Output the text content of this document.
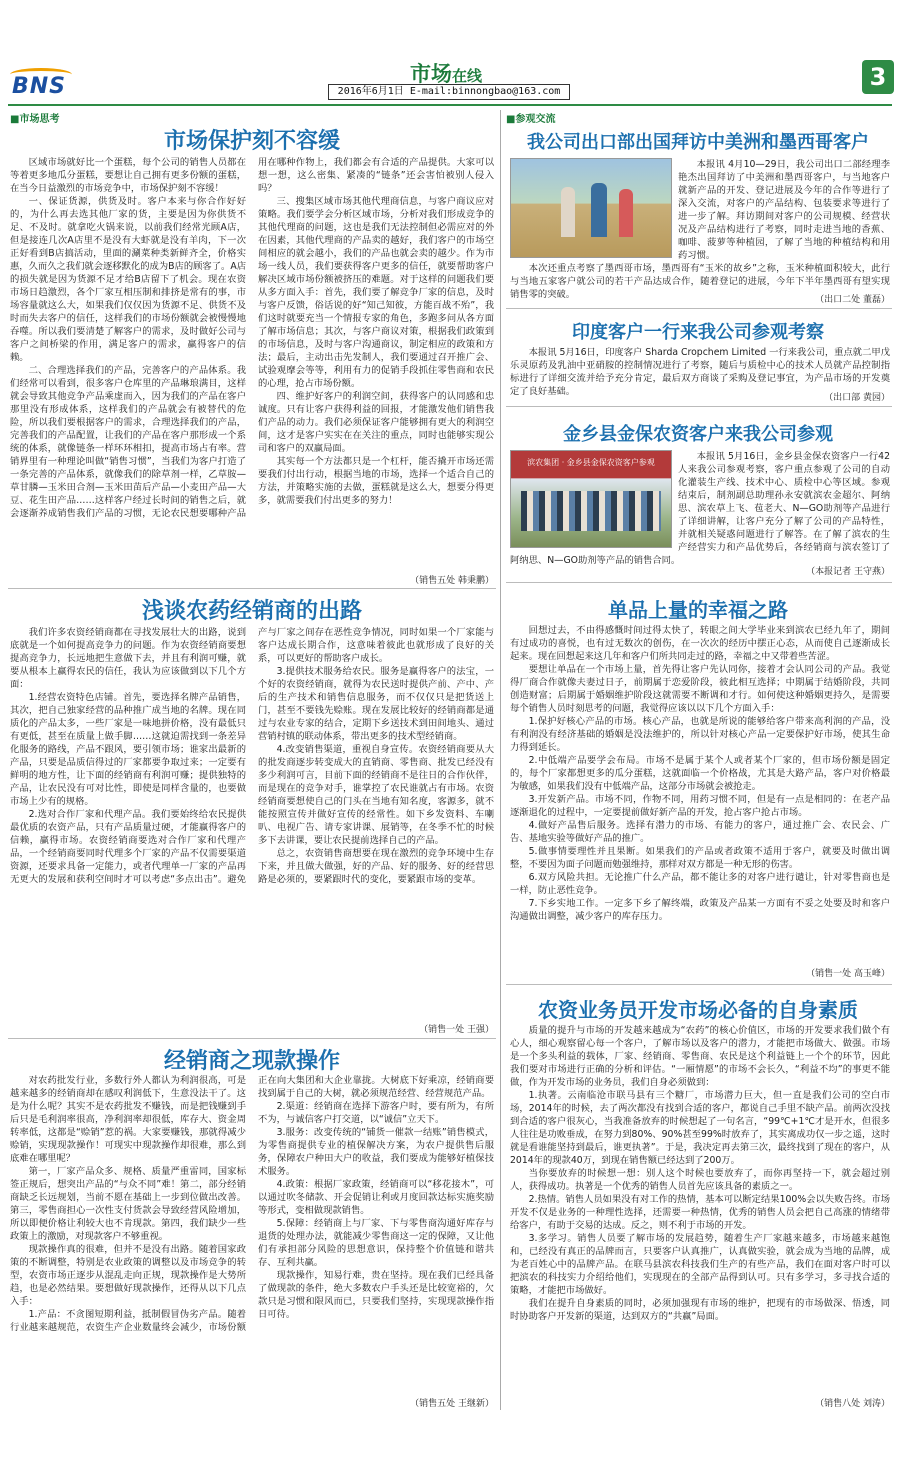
BNS
市场在线
2016年6月1日 E-mail:binnongbao@163.com
3
■市场思考	■参观交流
市场保护刻不容缓

区域市场就好比一个蛋糕，每个公司的销售人员都在等着更多地瓜分蛋糕，要想让自己拥有更多份额的蛋糕，在当今日益激烈的市场竞争中，市场保护刻不容缓！

一、保证货源，供货及时。客户本来与你合作好好的，为什么再去选其他厂家的货，主要是因为你供货不足、不及时。就拿吃火锅来说，以前我们经常光顾A店，但是接连几次A店里不是没有大虾就是没有羊肉，下一次正好看到B店搞活动，里面的涮菜种类新鲜齐全，价格实惠，久而久之我们就会逐移默化的成为B店的顾客了。A店的损失就是因为货源不足才给B店留下了机会。现在农资市场日趋激烈，各个厂家互相压制和排挤是常有的事，市场容量就这么大，如果我们仅仅因为货源不足、供货不及时而失去客户的信任，这样我们的市场份额就会被慢慢地吞噬。所以我们要清楚了解客户的需求，及时做好公司与客户之间桥梁的作用，满足客户的需求，赢得客户的信赖。

二、合理选择我们的产品，完善客户的产品体系。我们经常可以看到，很多客户仓库里的产品琳琅满目，这样就会导致其他竞争产品乘虚而入，因为我们的产品在客户那里没有形成体系，这样我们的产品就会有被替代的危险，所以我们要根据客户的需求，合理选择我们的产品，完善我们的产品配置，让我们的产品在客户那形成一个系统的体系，就像链条一样环环相扣，提高市场占有率。营销界里有一种理论叫做“销售习惯”，当我们为客户打造了一条完善的产品体系，就像我们的除草剂一样，乙草胺—草甘膦—玉米田合剂—玉米田苗后产品—小麦田产品—大豆、花生田产品……这样客户经过长时间的销售之后，就会逐渐养成销售我们产品的习惯，无论农民想要哪种产品用在哪种作物上，我们都会有合适的产品提供。大家可以想一想，这么密集、紧凑的“链条”还会害怕被别人侵入吗？

三、搜集区域市场其他代理商信息，与客户商议应对策略。我们要学会分析区域市场，分析对我们形成竞争的其他代理商的问题，这也是我们无法控制但必需应对的外在因素，其他代理商的产品卖的越好，我们客户的市场空间相应的就会越小，我们的产品也就会卖的越少。作为市场一线人员，我们要获得客户更多的信任，就要帮助客户解决区域市场份额被挤压的难题。对于这样的问题我们要从多方面入手：首先，我们要了解竞争厂家的信息，及时与客户反馈，俗话说的好“知己知彼，方能百战不殆”，我们这时就要充当一个情报专家的角色，多跑多问从各方面了解市场信息；其次，与客户商议对策，根据我们政策到的市场信息，及时与客户沟通商议，制定相应的政策和方法；最后，主动出击先发制人，我们要通过召开推广会、试验观摩会等等，利用有力的促销手段抓住零售商和农民的心理，抢占市场份额。

四、维护好客户的利润空间，获得客户的认同感和忠诚度。只有让客户获得利益的回报，才能激发他们销售我们产品的动力。我们必须保证客户能够拥有更大的利润空间，这才是客户实实在在关注的重点，同时也能够实现公司和客户的双赢局面。

其实每一个方法都只是一个杠杆，能否撬开市场还需要我们付出行动，根据当地的市场，选择一个适合自己的方法，并策略实施的去做，蛋糕就是这么大，想要分得更多，就需要我们付出更多的努力！

（销售五处 韩秉鹏）
浅谈农药经销商的出路

我们许多农资经销商都在寻找发展壮大的出路，说到底就是一个如何提高竞争力的问题。作为农资经销商要想提高竞争力，长远地把生意做下去，并且有利润可赚，就要从根本上赢得农民的信任，我认为应该做到以下几个方面：

1.经营农资特色店铺。首先，要选择名牌产品销售，其次，把自己独家经营的品种推广成当地的名牌。现在同质化的产品太多，一些厂家是一味地拼价格，没有最低只有更低，甚至在质量上做手脚……这就迫需找到一条差异化服务的路线，产品不跟风，要引领市场；谁家出最新的产品，只要是品质信得过的厂家都要争取过来；一定要有鲜明的地方性，让下面的经销商有利润可赚；提供独特的产品，让农民没有可对比性，即使是同样含量的，也要做市场上少有的规格。

2.选对合作厂家和代理产品。我们要始终给农民提供最优质的农资产品，只有产品质量过硬，才能赢得客户的信赖，赢得市场。农资经销商要选对合作厂家和代理产品，一个经销商要同时代理多个厂家的产品不仅需要渠道资源，还要求具备一定能力，或者代理单一厂家的产品再无更大的发展和获利空间时才可以考虑“多点出击”。避免产与厂家之间存在恶性竞争情况，同时如果一个厂家能与客户达成长期合作，这意味着彼此也就形成了良好的关系，可以更好的帮助客户成长。

3.提供技术服务给农民。服务是赢得客户的法宝，一个好的农资经销商，就得为农民送时提供产前、产中、产后的生产技术和销售信息服务，而不仅仅只是把货送上门，甚至不要钱先赊账。现在发展比较好的经销商都是通过与农业专家的结合，定期下乡送技术到田间地头、通过营销村镇的联动体系，带出更多的技术型经销商。

4.改变销售渠道，重视自身宣传。农资经销商要从大的批发商逐步转变成大的直销商、零售商、批发已经没有多少利润可言，目前下面的经销商不是往日的合作伙伴，而是现在的竞争对手，谁掌控了农民谁就占有市场。农资经销商要想使自己的门头在当地有知名度，客源多，就不能按照宣传并做好宣传的经常性。如下乡发资料、车喇叭、电视广告、请专家讲课、展销等，在冬季不忙的时候多下去讲课，要让农民提前选择自己的产品。

总之，农资销售商想要在现在激烈的竞争环境中生存下来，并且做大做强，好的产品、好的服务、好的经营思路是必须的，要紧跟时代的变化，要紧跟市场的变革。

（销售一处 王强）
经销商之现款操作

对农药批发行业，多数行外人都认为利润很高，可是越来越多的经销商却在感叹利润低下，生意没法干了。这是为什么呢？其实不是农药批发不赚钱，而是把钱赚到手后只是毛利润率很高，净利润率却很低，库存大、资金周转率低，这都是“赊销”惹的祸。大家要赚钱，那就得减少赊销，实现现款操作！可现实中现款操作却很难，那么到底难在哪里呢？

第一，厂家产品众多、规格、质量严重雷同，国家标签正规后，想突出产品的“与众不同”难！第二，部分经销商缺乏长远规划，当前不愿在基础上一步到位做出改善。第三，零售商担心一次性支付货款会导致经营风险增加，所以即便价格让利较大也不肯现款。第四，我们缺少一些政策上的激励，对现款客户不够重视。

现款操作真的很难，但并不是没有出路。随着国家政策的不断调整，特别是农业政策的调整以及市场竞争的转型，农资市场正逐步从混乱走向正规，现款操作是大势所趋，也是必然结果。要想做好现款操作，还得从以下几点入手：

1.产品：不贪图短期利益，抵制假冒伪劣产品。随着行业越来越规范，农资生产企业数量终会减少，市场份额正在向大集团和大企业靠拢。大树底下好乘凉，经销商要找到属于自己的大树，就必须规范经营、经营规范产品。

2.渠道：经销商在选择下游客户时，要有所为，有所不为，与诚信客户打交道，以“诚信”立天下。

3.服务：改变传统的“铺货一催款一结账”销售模式，为零售商提供专业的植保解决方案，为农户提供售后服务，保障农户种田大户的收益，我们要成为能够好植保技术服务。

4.政策：根据厂家政策，经销商可以“移花接木”，可以通过吹冬储款、开会促销让利或月度回款达标实施奖励等形式，变相做现款销售。

5.保障：经销商上与厂家、下与零售商沟通好库存与退货的处理办法，就能减少零售商这一定的保障，又让他们有承担部分风险的思想意识，保持整个价值链和谐共存、互利共赢。

现款操作，知易行难，贵在坚持。现在我们已经具备了做现款的条件，绝大多数农户手头还是比较宽裕的，欠款只是习惯和限风而已，只要我们坚持，实现现款操作指日可待。

（销售五处 王继新）
我公司出口部出国拜访中美洲和墨西哥客户

本报讯 4月10—29日，我公司出口二部经理李艳杰出国拜访了中美洲和墨西哥客户，与当地客户就新产品的开发、登记进展及今年的合作等进行了深入交流，对客户的产品结构、包装要求等进行了进一步了解。拜访期间对客户的公司规模、经营状况及产品结构进行了考察，同时走进当地的香蕉、咖啡、菠萝等种植园，了解了当地的种植结构和用药习惯。

本次还重点考察了墨西哥市场，墨西哥有“玉米的故乡”之称，玉米种植面积较大，此行与当地五家客户就公司的若干产品达成合作，随着登记的进展，今年下半年墨西哥有望实现销售零的突破。	（出口二处 董磊）
印度客户一行来我公司参观考察

本报讯 5月16日，印度客户 Sharda Cropchem Limited 一行来我公司，重点就二甲戊乐灵原药及乳油中亚硝胺的控制情况进行了考察，随后与质检中心的技术人员就产品控制指标进行了详细交流并给予充分肯定，最后双方商谈了采购及登记事宜，为产品市场的开发奠定了良好基础。

（出口部 黄园）
金乡县金保农资客户来我公司参观
滨农集团 · 金乡县金保农资客户参观

本报讯 5月16日，金乡县金保农资客户一行42人来我公司参观考察，客户重点参观了公司的自动化灌装生产线、技术中心、质检中心等区域。参观结束后，制剂副总助理孙永安就滨农金超尔、阿纳思、滨农草上飞、苞老大、N—GO助剂等产品进行了详细讲解，让客户充分了解了公司的产品特性，并就相关疑惑问题进行了解答。在了解了滨农的生产经营实力和产品优势后，各经销商与滨农签订了阿纳思、N—GO助剂等产品的销售合同。

（本报记者 王守燕）
单品上量的幸福之路

回想过去，不由得感慨时间过得太快了，转眼之间大学毕业来到滨农已经九年了，期间有过成功的喜悦，也有过无数次的创伤，在一次次的经历中摆正心态，从而使自己逐渐成长起来。现在回想起来这几年和客户们所共同走过的路，幸福之中又带着些苦涩。

要想让单品在一个市场上量，首先得让客户先认同你，接着才会认同公司的产品。我觉得厂商合作就像夫妻过日子，前期属于恋爱阶段，彼此相互选择；中期属于结婚阶段，共同创造财富；后期属于婚姻维护阶段这就需要不断调和才行。如何使这种婚姻更持久，是需要每个销售人员时刻思考的问题，我觉得应该以以下几个方面入手：

1.保护好核心产品的市场。核心产品，也就是所说的能够给客户带来高利润的产品，没有利润没有经济基础的婚姻是没法维护的，所以针对核心产品一定要保护好市场，使其生命力得到延长。

2.中低端产品要学会布局。市场不是属于某个人或者某个厂家的，但市场份额是固定的，每个厂家都想更多的瓜分蛋糕，这就面临一个价格战，尤其是大路产品，客户对价格最为敏感，如果我们没有中低端产品，这部分市场就会被抢走。

3.开发新产品。市场不同，作物不同，用药习惯不同，但是有一点是相同的：在老产品逐渐退化的过程中，一定要提前做好新产品的开发，抢占客户抢占市场。

4.做好产品售后服务。选择有潜力的市场、有能力的客户，通过推广会、农民会、广告、基地实验等做好产品的推广。

5.做事情要理性并且果断。如果我们的产品或者政策不适用于客户，就要及时做出调整，不要因为面子问题而勉强维持，那样对双方都是一种无形的伤害。

6.双方风险共担。无论推广什么产品，都不能让多的对客户进行谴让，针对零售商也是一样，防止恶性竞争。

7.下乡实地工作。一定多下乡了解终端，政策及产品某一方面有不妥之处要及时和客户沟通做出调整，减少客户的库存压力。

（销售一处 高玉峰）
农资业务员开发市场必备的自身素质

质量的提升与市场的开发越来越成为“农药”的核心价值区，市场的开发要求我们做个有心人，细心观察留心每一个客户，了解市场以及客户的潜力，才能把市场做大、做强。市场是一个多头利益的载体，厂家、经销商、零售商、农民是这个利益链上一个个的环节，因此我们要对市场进行正确的分析和评估。“一厢情愿”的市场不会长久，“利益不均”的事更不能做，作为开发市场的业务员，我们自身必须做到：

1.执著。云南临沧市联马县有三个糖厂，市场潜力巨大，但一直是我们公司的空白市场，2014年的时候，去了两次都没有找到合适的客户，都说自己手里不缺产品。前两次没找到合适的客户很灰心，当我准备放弃的时候想起了一句名言，“99℃+1℃才是开水，但很多人往往是功败垂成，在努力到80%、90%甚至99%时放弃了，其实离成功仅一步之遥，这时就是看谁能坚持到最后，谁更执著”。于是，我决定再去第三次，最终找到了现在的客户，从2014年的现款40万，到现在销售额已经达到了200万。

当你要放弃的时候想一想：别人这个时候也要放弃了，而你再坚持一下，就会超过别人，获得成功。执著是一个优秀的销售人员首先应该具备的素质之一。

2.热情。销售人员如果没有对工作的热情，基本可以断定结果100%会以失败告终。市场开发不仅是业务的一种理性选择，还需要一种热情，优秀的销售人员会把自己高涨的情绪带给客户，有助于交易的达成。反之，则不利于市场的开发。

3.多学习。销售人员要了解市场的发展趋势，随着生产厂家越来越多，市场越来越饱和，已经没有真正的品牌而言，只要客户认真推广，认真做实验，就会成为当地的品牌，成为老百姓心中的品牌产品。在联马县滨农科技我们生产的有些产品，我们在面对客户时可以把滨农的科技实力介绍给他们，实现现在的全部产品得到认可。只有多学习，多寻找合适的策略，才能把市场做好。

我们在提升自身素质的同时，必须加强现有市场的维护，把现有的市场做深、悟透，同时协助客户开发新的渠道，达到双方的“共赢”局面。

（销售八处 刘涛）
